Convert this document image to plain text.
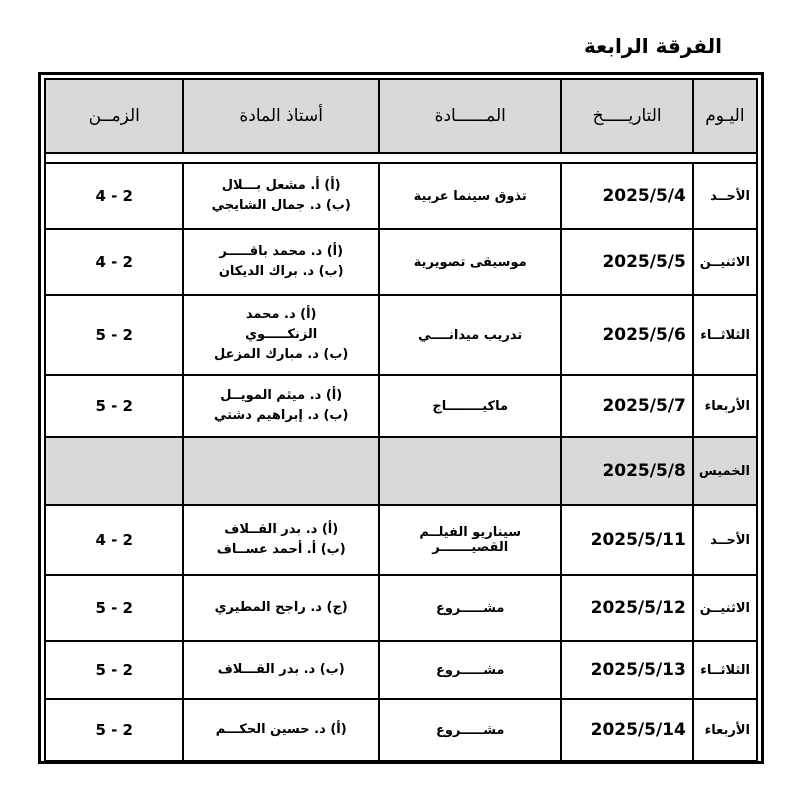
الفرقة الرابعة
اليـوم	التاريـــــخ	المــــــادة	أستاذ المادة	الزمــن

الأحــد	2025/5/4	تذوق سينما عربية	(أ) أ. مشعل بـــلال
(ب) د. جمال الشايجي	4 - 2
الاثنيــن	2025/5/5	موسيقى تصويرية	(أ) د. محمد باقـــــر
(ب) د. براك الديكان	4 - 2
الثلاثــاء	2025/5/6	تدريب ميدانــــي	(أ) د. محمد
الزنكـــــوي
(ب) د. مبارك المزعل	5 - 2
الأربعاء	2025/5/7	ماكيــــــــاج	(أ) د. ميثم المويــل
(ب) د. إبراهيم دشتي	5 - 2
الخميس	2025/5/8			
الأحــد	2025/5/11	سيناريو الفيلــم القصيـــــــر	(أ) د. بدر القــلاف
(ب) أ. أحمد عســاف	4 - 2
الاثنيــن	2025/5/12	مشـــــروع	(ج) د. راجح المطيري	5 - 2
الثلاثــاء	2025/5/13	مشـــــروع	(ب) د. بدر القـــلاف	5 - 2
الأربعاء	2025/5/14	مشـــــروع	(أ) د. حسين الحكـــم	5 - 2
